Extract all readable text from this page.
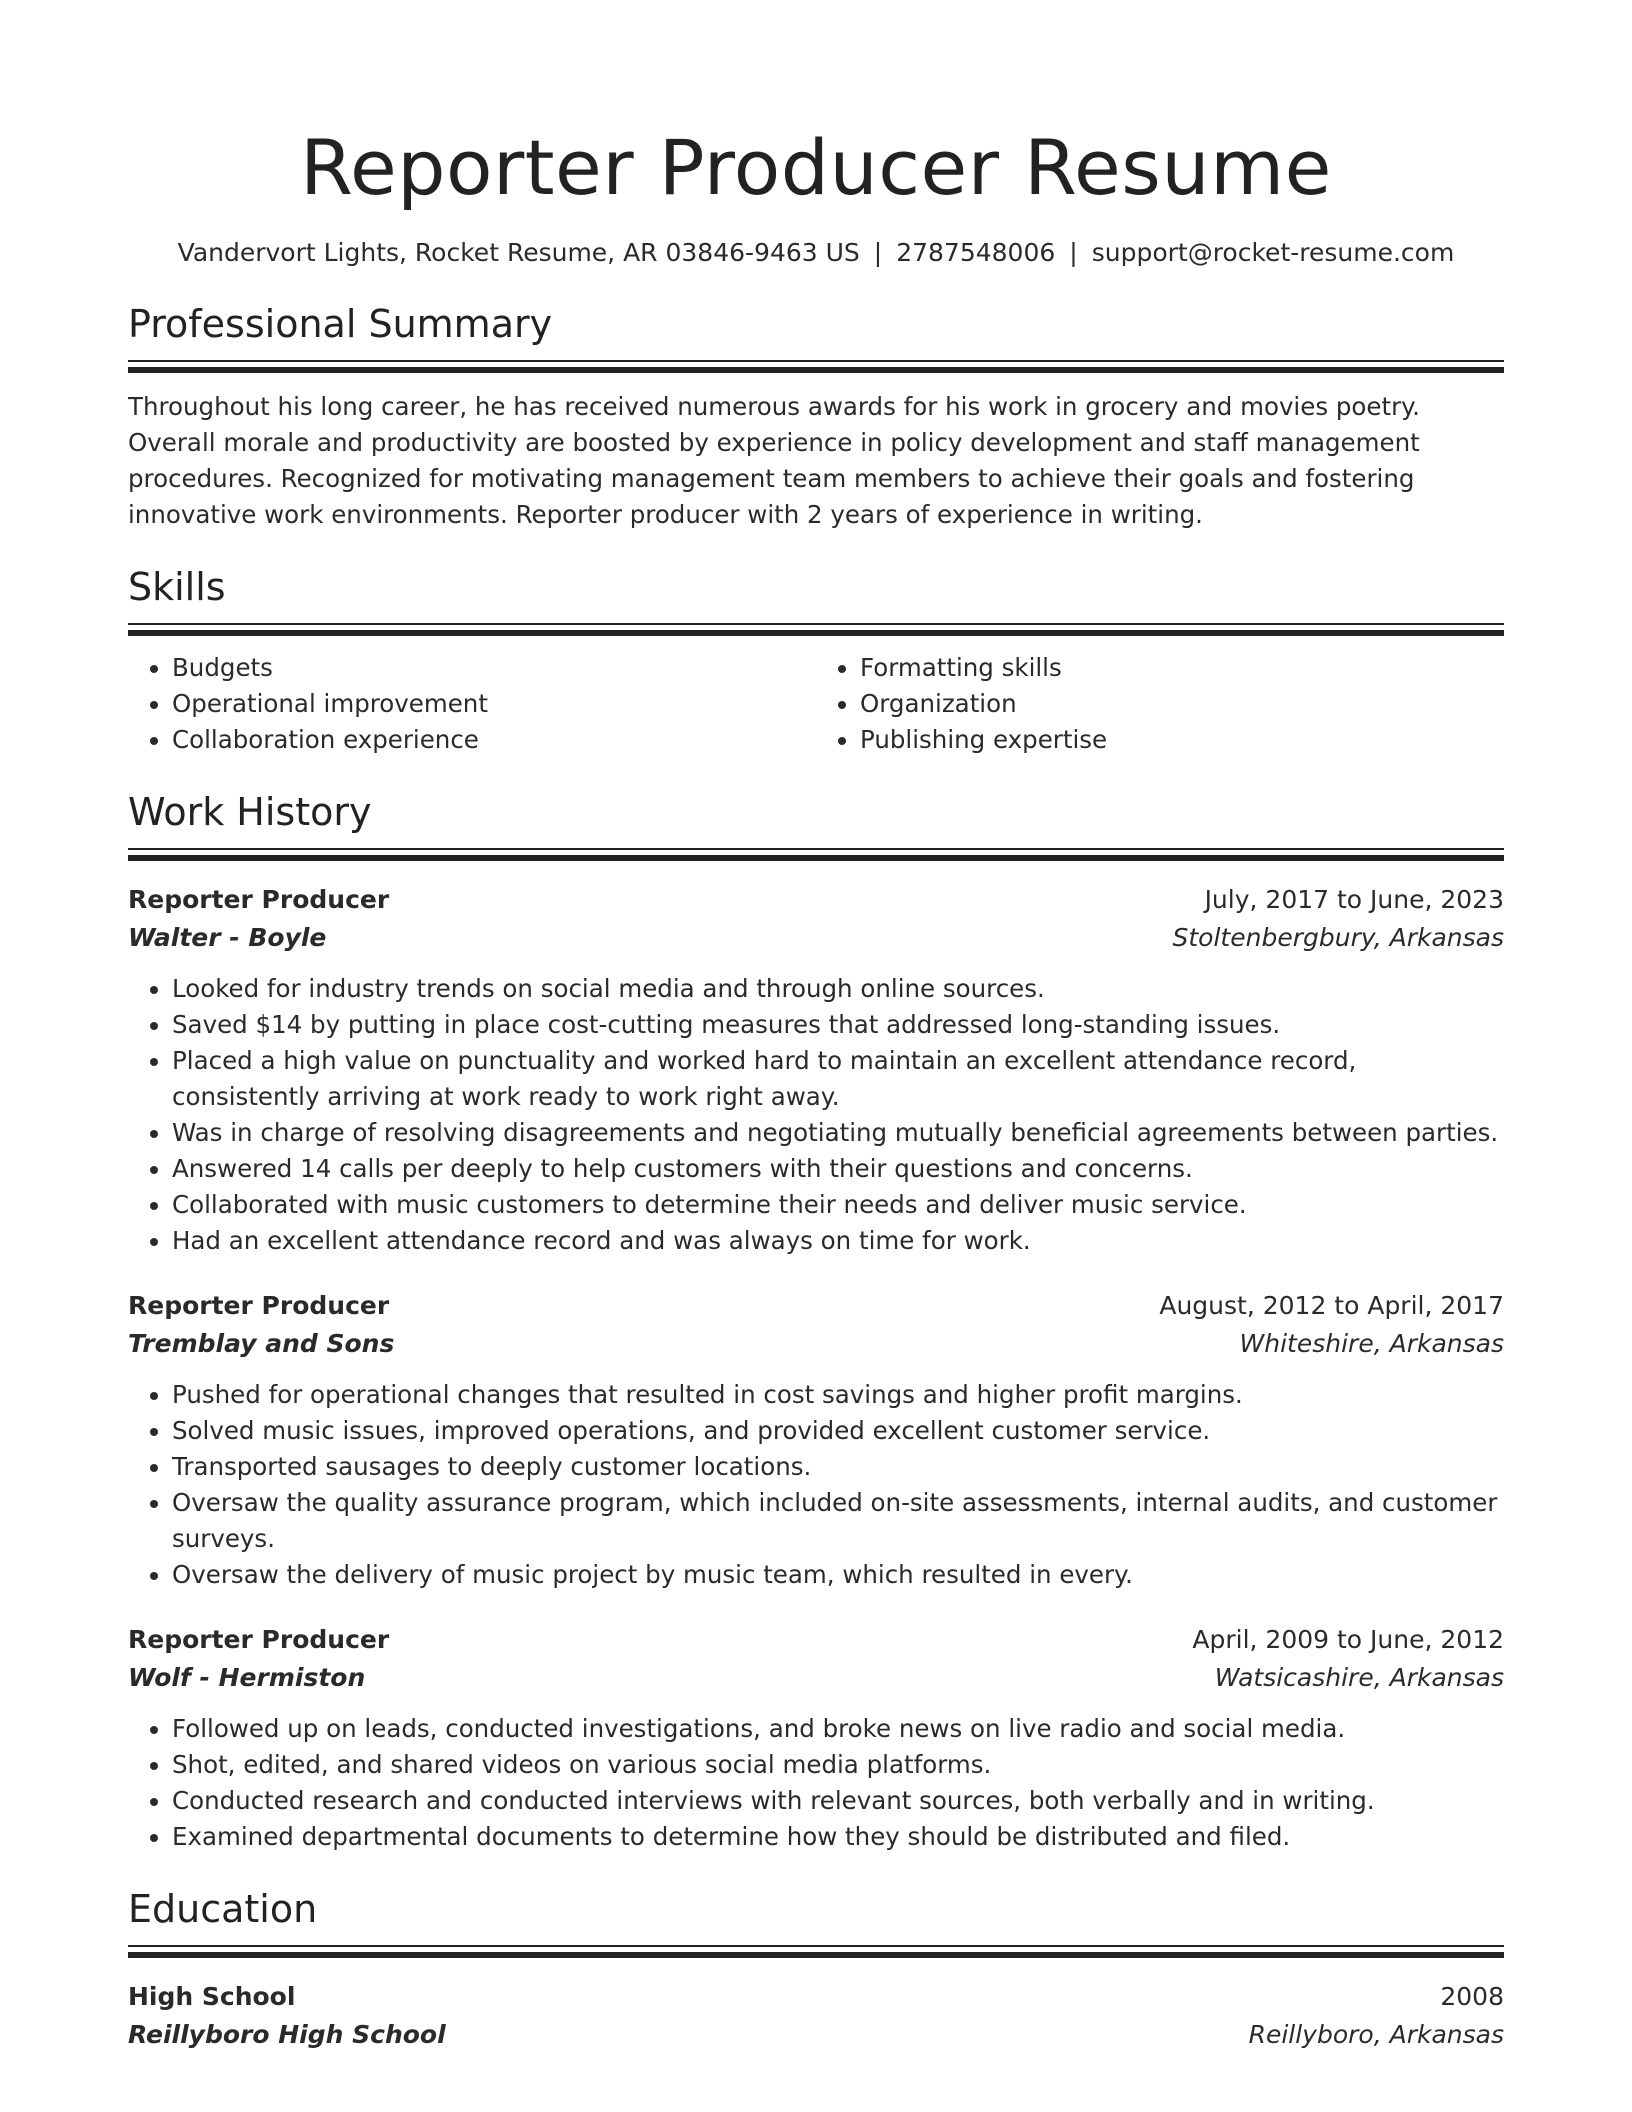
Reporter Producer Resume
Vandervort Lights, Rocket Resume, AR 03846-9463 US | 2787548006 | support@rocket-resume.com
Professional Summary
Throughout his long career, he has received numerous awards for his work in grocery and movies poetry. Overall morale and productivity are boosted by experience in policy development and staff management procedures. Recognized for motivating management team members to achieve their goals and fostering innovative work environments. Reporter producer with 2 years of experience in writing.
Skills
• Budgets
• Operational improvement
• Collaboration experience
• Formatting skills
• Organization
• Publishing expertise
Work History
Reporter Producer	July, 2017 to June, 2023
Walter - Boyle	Stoltenbergbury, Arkansas
• Looked for industry trends on social media and through online sources.
• Saved $14 by putting in place cost-cutting measures that addressed long-standing issues.
• Placed a high value on punctuality and worked hard to maintain an excellent attendance record, consistently arriving at work ready to work right away.
• Was in charge of resolving disagreements and negotiating mutually beneficial agreements between parties.
• Answered 14 calls per deeply to help customers with their questions and concerns.
• Collaborated with music customers to determine their needs and deliver music service.
• Had an excellent attendance record and was always on time for work.
Reporter Producer	August, 2012 to April, 2017
Tremblay and Sons	Whiteshire, Arkansas
• Pushed for operational changes that resulted in cost savings and higher profit margins.
• Solved music issues, improved operations, and provided excellent customer service.
• Transported sausages to deeply customer locations.
• Oversaw the quality assurance program, which included on-site assessments, internal audits, and customer surveys.
• Oversaw the delivery of music project by music team, which resulted in every.
Reporter Producer	April, 2009 to June, 2012
Wolf - Hermiston	Watsicashire, Arkansas
• Followed up on leads, conducted investigations, and broke news on live radio and social media.
• Shot, edited, and shared videos on various social media platforms.
• Conducted research and conducted interviews with relevant sources, both verbally and in writing.
• Examined departmental documents to determine how they should be distributed and filed.
Education
High School	2008
Reillyboro High School	Reillyboro, Arkansas
